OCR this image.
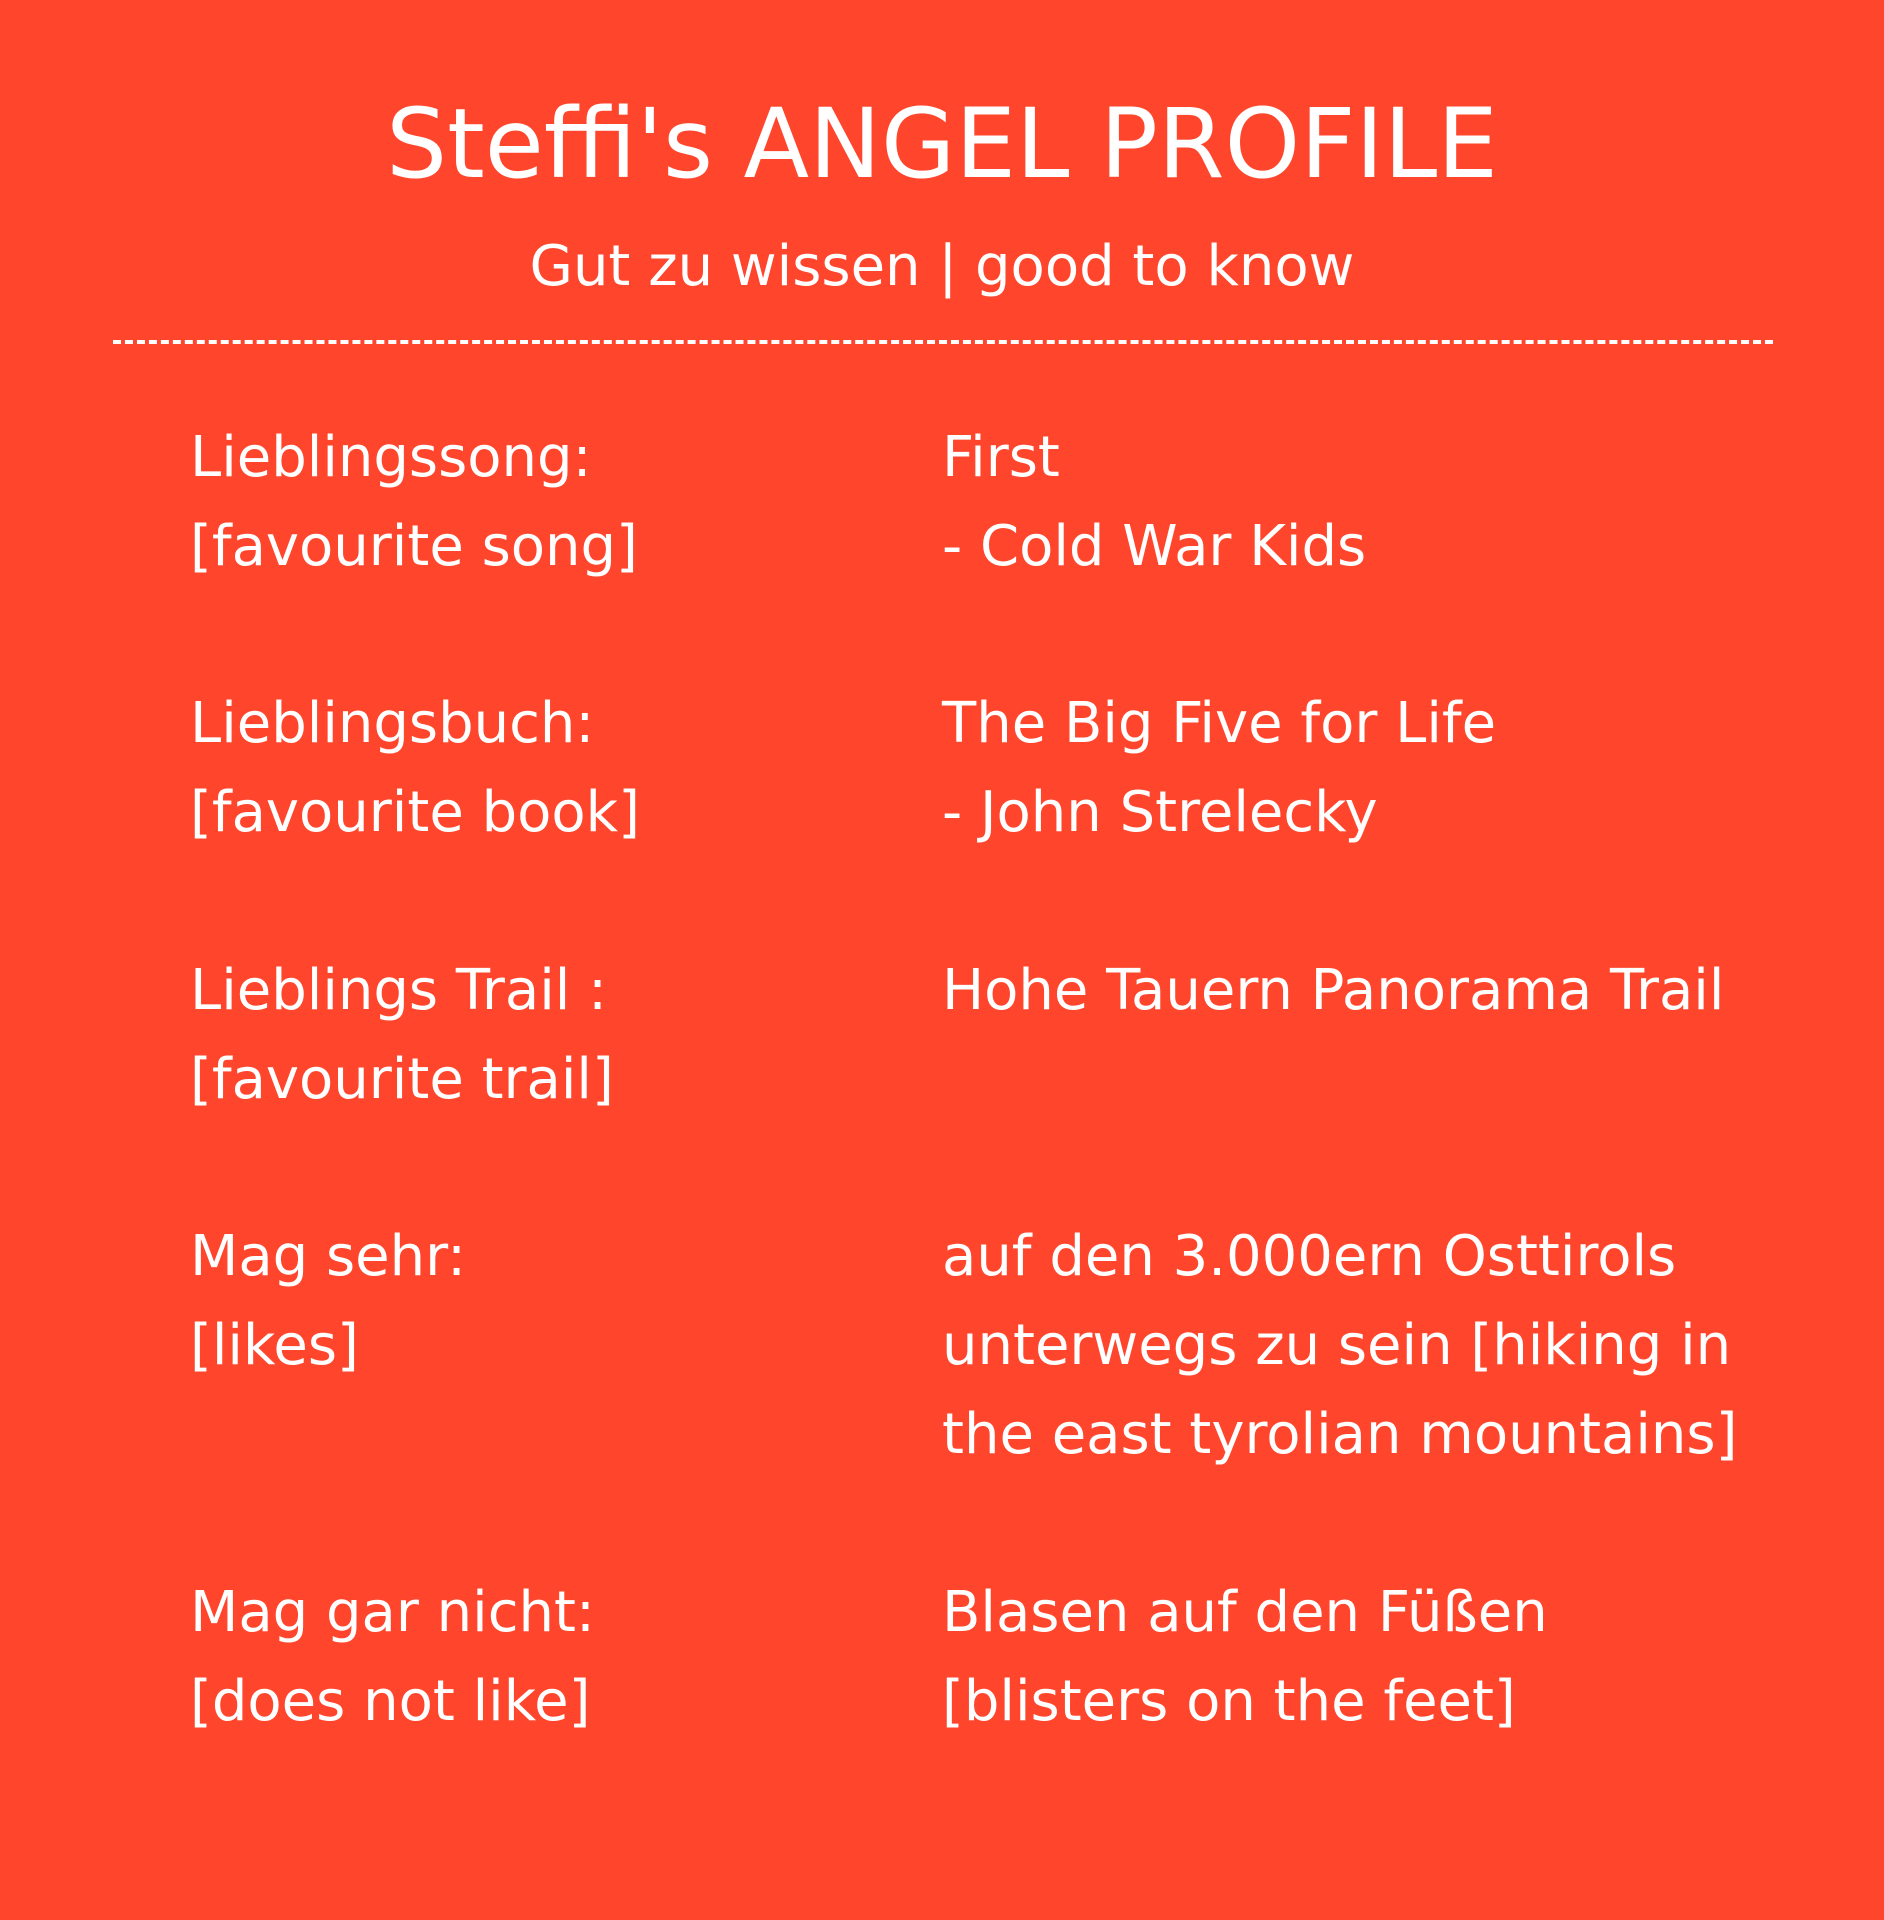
Steffi's ANGEL PROFILE
Gut zu wissen | good to know
Lieblingssong:
[favourite song]
First
- Cold War Kids
Lieblingsbuch:
[favourite book]
The Big Five for Life
- John Strelecky
Lieblings Trail :
[favourite trail]
Hohe Tauern Panorama Trail
Mag sehr:
[likes]
auf den 3.000ern Osttirols
unterwegs zu sein [hiking in
the east tyrolian mountains]
Mag gar nicht:
[does not like]
Blasen auf den Füßen
[blisters on the feet]
